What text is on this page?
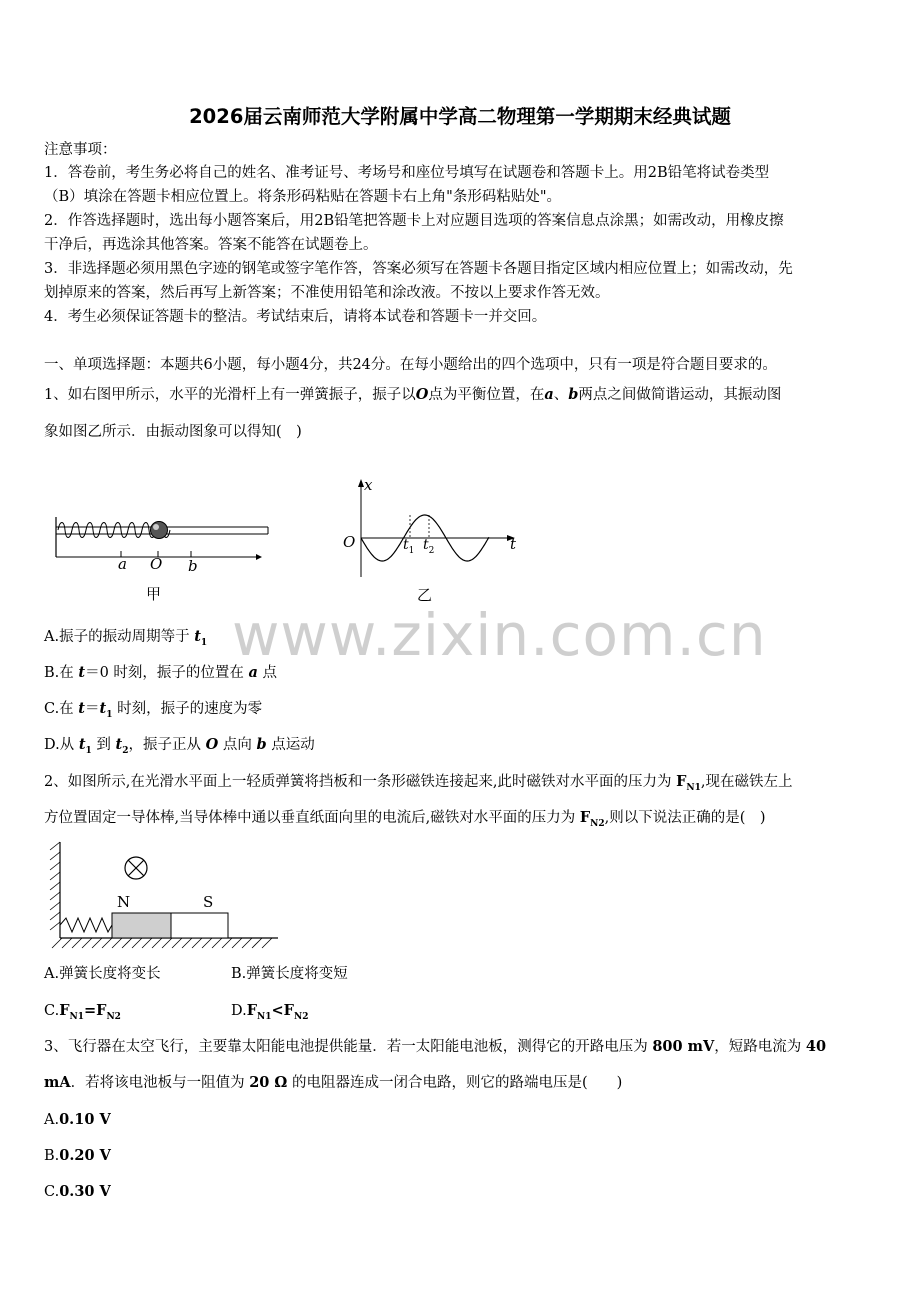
2026届云南师范大学附属中学高二物理第一学期期末经典试题
注意事项：
1．答卷前，考生务必将自己的姓名、准考证号、考场号和座位号填写在试题卷和答题卡上。用2B铅笔将试卷类型
（B）填涂在答题卡相应位置上。将条形码粘贴在答题卡右上角"条形码粘贴处"。
2．作答选择题时，选出每小题答案后，用2B铅笔把答题卡上对应题目选项的答案信息点涂黑；如需改动，用橡皮擦
干净后，再选涂其他答案。答案不能答在试题卷上。
3．非选择题必须用黑色字迹的钢笔或签字笔作答，答案必须写在答题卡各题目指定区域内相应位置上；如需改动，先
划掉原来的答案，然后再写上新答案；不准使用铅笔和涂改液。不按以上要求作答无效。
4．考生必须保证答题卡的整洁。考试结束后，请将本试卷和答题卡一并交回。
一、单项选择题：本题共6小题，每小题4分，共24分。在每小题给出的四个选项中，只有一项是符合题目要求的。
1、如右图甲所示，水平的光滑杆上有一弹簧振子，振子以O点为平衡位置，在a、b两点之间做简谐运动，其振动图
象如图乙所示．由振动图象可以得知(　)
a O b
甲
x
O	$t_1$ $t_2$	t
乙
www.zixin.com.cn
A.振子的振动周期等于 $t_1$
B.在 t＝0 时刻，振子的位置在 a 点
C.在 $t=t_1$ 时刻，振子的速度为零
D.从 $t_1$ 到 $t_2$，振子正从 O 点向 b 点运动
2、如图所示,在光滑水平面上一轻质弹簧将挡板和一条形磁铁连接起来,此时磁铁对水平面的压力为 $F_{N1}$,现在磁铁左上
方位置固定一导体棒,当导体棒中通以垂直纸面向里的电流后,磁铁对水平面的压力为 $F_{N2}$,则以下说法正确的是(　)
N	S
A.弹簧长度将变长	B.弹簧长度将变短
$C.F_{N1}=F_{N2}$	$D.F_{N1}<F_{N2}$
3、飞行器在太空飞行，主要靠太阳能电池提供能量．若一太阳能电池板，测得它的开路电压为 800 mV，短路电流为 40
mA．若将该电池板与一阻值为 20 Ω 的电阻器连成一闭合电路，则它的路端电压是(　　)
A.0.10 V
B.0.20 V
C.0.30 V
